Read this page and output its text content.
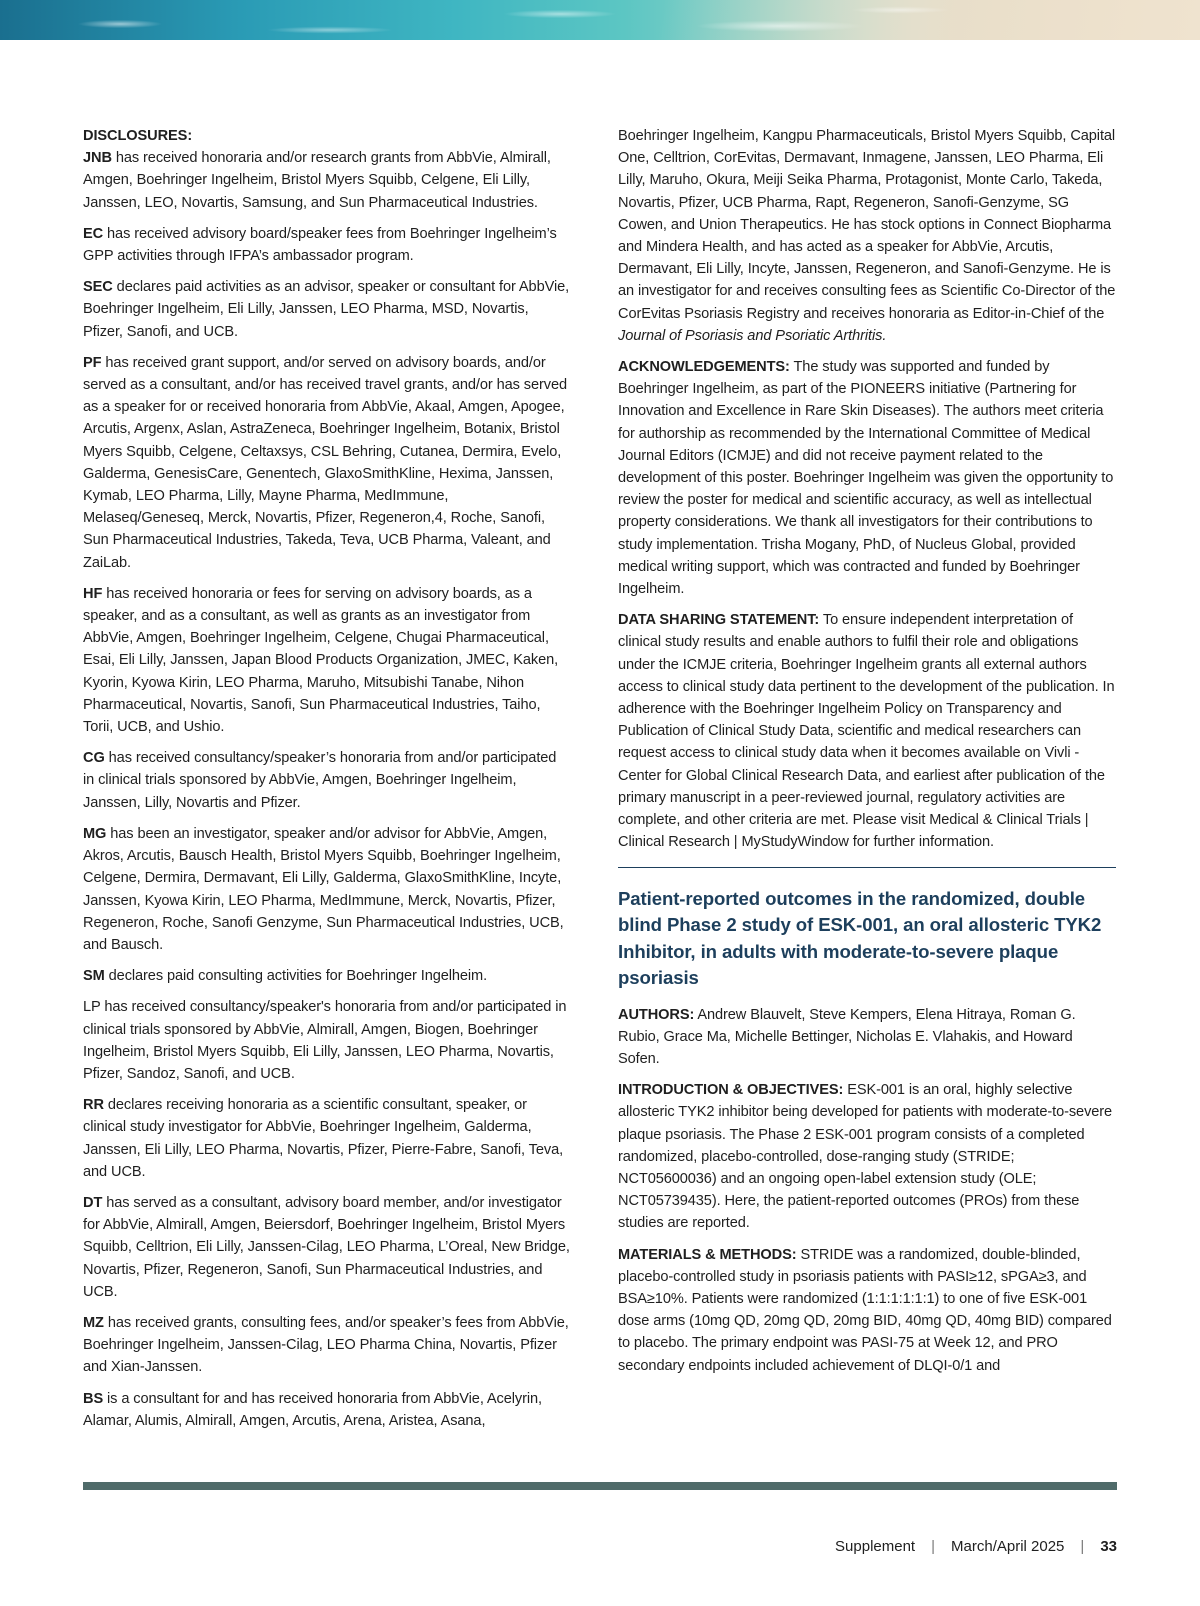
DISCLOSURES:

JNB has received honoraria and/or research grants from AbbVie, Almirall, Amgen, Boehringer Ingelheim, Bristol Myers Squibb, Celgene, Eli Lilly, Janssen, LEO, Novartis, Samsung, and Sun Pharmaceutical Industries.

EC has received advisory board/speaker fees from Boehringer Ingelheim’s GPP activities through IFPA’s ambassador program.

SEC declares paid activities as an advisor, speaker or consultant for AbbVie, Boehringer Ingelheim, Eli Lilly, Janssen, LEO Pharma, MSD, Novartis, Pfizer, Sanofi, and UCB.

PF has received grant support, and/or served on advisory boards, and/or served as a consultant, and/or has received travel grants, and/or has served as a speaker for or received honoraria from AbbVie, Akaal, Amgen, Apogee, Arcutis, Argenx, Aslan, AstraZeneca, Boehringer Ingelheim, Botanix, Bristol Myers Squibb, Celgene, Celtaxsys, CSL Behring, Cutanea, Dermira, Evelo, Galderma, GenesisCare, Genentech, GlaxoSmithKline, Hexima, Janssen, Kymab, LEO Pharma, Lilly, Mayne Pharma, MedImmune, Melaseq/Geneseq, Merck, Novartis, Pfizer, Regeneron,4, Roche, Sanofi, Sun Pharmaceutical Industries, Takeda, Teva, UCB Pharma, Valeant, and ZaiLab.

HF has received honoraria or fees for serving on advisory boards, as a speaker, and as a consultant, as well as grants as an investigator from AbbVie, Amgen, Boehringer Ingelheim, Celgene, Chugai Pharmaceutical, Esai, Eli Lilly, Janssen, Japan Blood Products Organization, JMEC, Kaken, Kyorin, Kyowa Kirin, LEO Pharma, Maruho, Mitsubishi Tanabe, Nihon Pharmaceutical, Novartis, Sanofi, Sun Pharmaceutical Industries, Taiho, Torii, UCB, and Ushio.

CG has received consultancy/speaker’s honoraria from and/or participated in clinical trials sponsored by AbbVie, Amgen, Boehringer Ingelheim, Janssen, Lilly, Novartis and Pfizer.

MG has been an investigator, speaker and/or advisor for AbbVie, Amgen, Akros, Arcutis, Bausch Health, Bristol Myers Squibb, Boehringer Ingelheim, Celgene, Dermira, Dermavant, Eli Lilly, Galderma, GlaxoSmithKline, Incyte, Janssen, Kyowa Kirin, LEO Pharma, MedImmune, Merck, Novartis, Pfizer, Regeneron, Roche, Sanofi Genzyme, Sun Pharmaceutical Industries, UCB, and Bausch.

SM declares paid consulting activities for Boehringer Ingelheim.

LP has received consultancy/speaker's honoraria from and/or participated in clinical trials sponsored by AbbVie, Almirall, Amgen, Biogen, Boehringer Ingelheim, Bristol Myers Squibb, Eli Lilly, Janssen, LEO Pharma, Novartis, Pfizer, Sandoz, Sanofi, and UCB.

RR declares receiving honoraria as a scientific consultant, speaker, or clinical study investigator for AbbVie, Boehringer Ingelheim, Galderma, Janssen, Eli Lilly, LEO Pharma, Novartis, Pfizer, Pierre-Fabre, Sanofi, Teva, and UCB.

DT has served as a consultant, advisory board member, and/or investigator for AbbVie, Almirall, Amgen, Beiersdorf, Boehringer Ingelheim, Bristol Myers Squibb, Celltrion, Eli Lilly, Janssen-Cilag, LEO Pharma, L’Oreal, New Bridge, Novartis, Pfizer, Regeneron, Sanofi, Sun Pharmaceutical Industries, and UCB.

MZ has received grants, consulting fees, and/or speaker’s fees from AbbVie, Boehringer Ingelheim, Janssen-Cilag, LEO Pharma China, Novartis, Pfizer and Xian-Janssen.

BS is a consultant for and has received honoraria from AbbVie, Acelyrin, Alamar, Alumis, Almirall, Amgen, Arcutis, Arena, Aristea, Asana,

Boehringer Ingelheim, Kangpu Pharmaceuticals, Bristol Myers Squibb, Capital One, Celltrion, CorEvitas, Dermavant, Inmagene, Janssen, LEO Pharma, Eli Lilly, Maruho, Okura, Meiji Seika Pharma, Protagonist, Monte Carlo, Takeda, Novartis, Pfizer, UCB Pharma, Rapt, Regeneron, Sanofi-Genzyme, SG Cowen, and Union Therapeutics. He has stock options in Connect Biopharma and Mindera Health, and has acted as a speaker for AbbVie, Arcutis, Dermavant, Eli Lilly, Incyte, Janssen, Regeneron, and Sanofi-Genzyme. He is an investigator for and receives consulting fees as Scientific Co-Director of the CorEvitas Psoriasis Registry and receives honoraria as Editor-in-Chief of the Journal of Psoriasis and Psoriatic Arthritis.

ACKNOWLEDGEMENTS: The study was supported and funded by Boehringer Ingelheim, as part of the PIONEERS initiative (Partnering for Innovation and Excellence in Rare Skin Diseases). The authors meet criteria for authorship as recommended by the International Committee of Medical Journal Editors (ICMJE) and did not receive payment related to the development of this poster. Boehringer Ingelheim was given the opportunity to review the poster for medical and scientific accuracy, as well as intellectual property considerations. We thank all investigators for their contributions to study implementation. Trisha Mogany, PhD, of Nucleus Global, provided medical writing support, which was contracted and funded by Boehringer Ingelheim.

DATA SHARING STATEMENT: To ensure independent interpretation of clinical study results and enable authors to fulfil their role and obligations under the ICMJE criteria, Boehringer Ingelheim grants all external authors access to clinical study data pertinent to the development of the publication. In adherence with the Boehringer Ingelheim Policy on Transparency and Publication of Clinical Study Data, scientific and medical researchers can request access to clinical study data when it becomes available on Vivli - Center for Global Clinical Research Data, and earliest after publication of the primary manuscript in a peer-reviewed journal, regulatory activities are complete, and other criteria are met. Please visit Medical & Clinical Trials | Clinical Research | MyStudyWindow for further information.

Patient-reported outcomes in the randomized, double blind Phase 2 study of ESK-001, an oral allosteric TYK2 Inhibitor, in adults with moderate-to-severe plaque psoriasis

AUTHORS: Andrew Blauvelt, Steve Kempers, Elena Hitraya, Roman G. Rubio, Grace Ma, Michelle Bettinger, Nicholas E. Vlahakis, and Howard Sofen.

INTRODUCTION & OBJECTIVES: ESK-001 is an oral, highly selective allosteric TYK2 inhibitor being developed for patients with moderate-to-severe plaque psoriasis. The Phase 2 ESK-001 program consists of a completed randomized, placebo-controlled, dose-ranging study (STRIDE; NCT05600036) and an ongoing open-label extension study (OLE; NCT05739435). Here, the patient-reported outcomes (PROs) from these studies are reported.

MATERIALS & METHODS: STRIDE was a randomized, double-blinded, placebo-controlled study in psoriasis patients with PASI≥12, sPGA≥3, and BSA≥10%. Patients were randomized (1:1:1:1:1:1) to one of five ESK-001 dose arms (10mg QD, 20mg QD, 20mg BID, 40mg QD, 40mg BID) compared to placebo. The primary endpoint was PASI-75 at Week 12, and PRO secondary endpoints included achievement of DLQI-0/1 and

Supplement | March/April 2025 | 33
